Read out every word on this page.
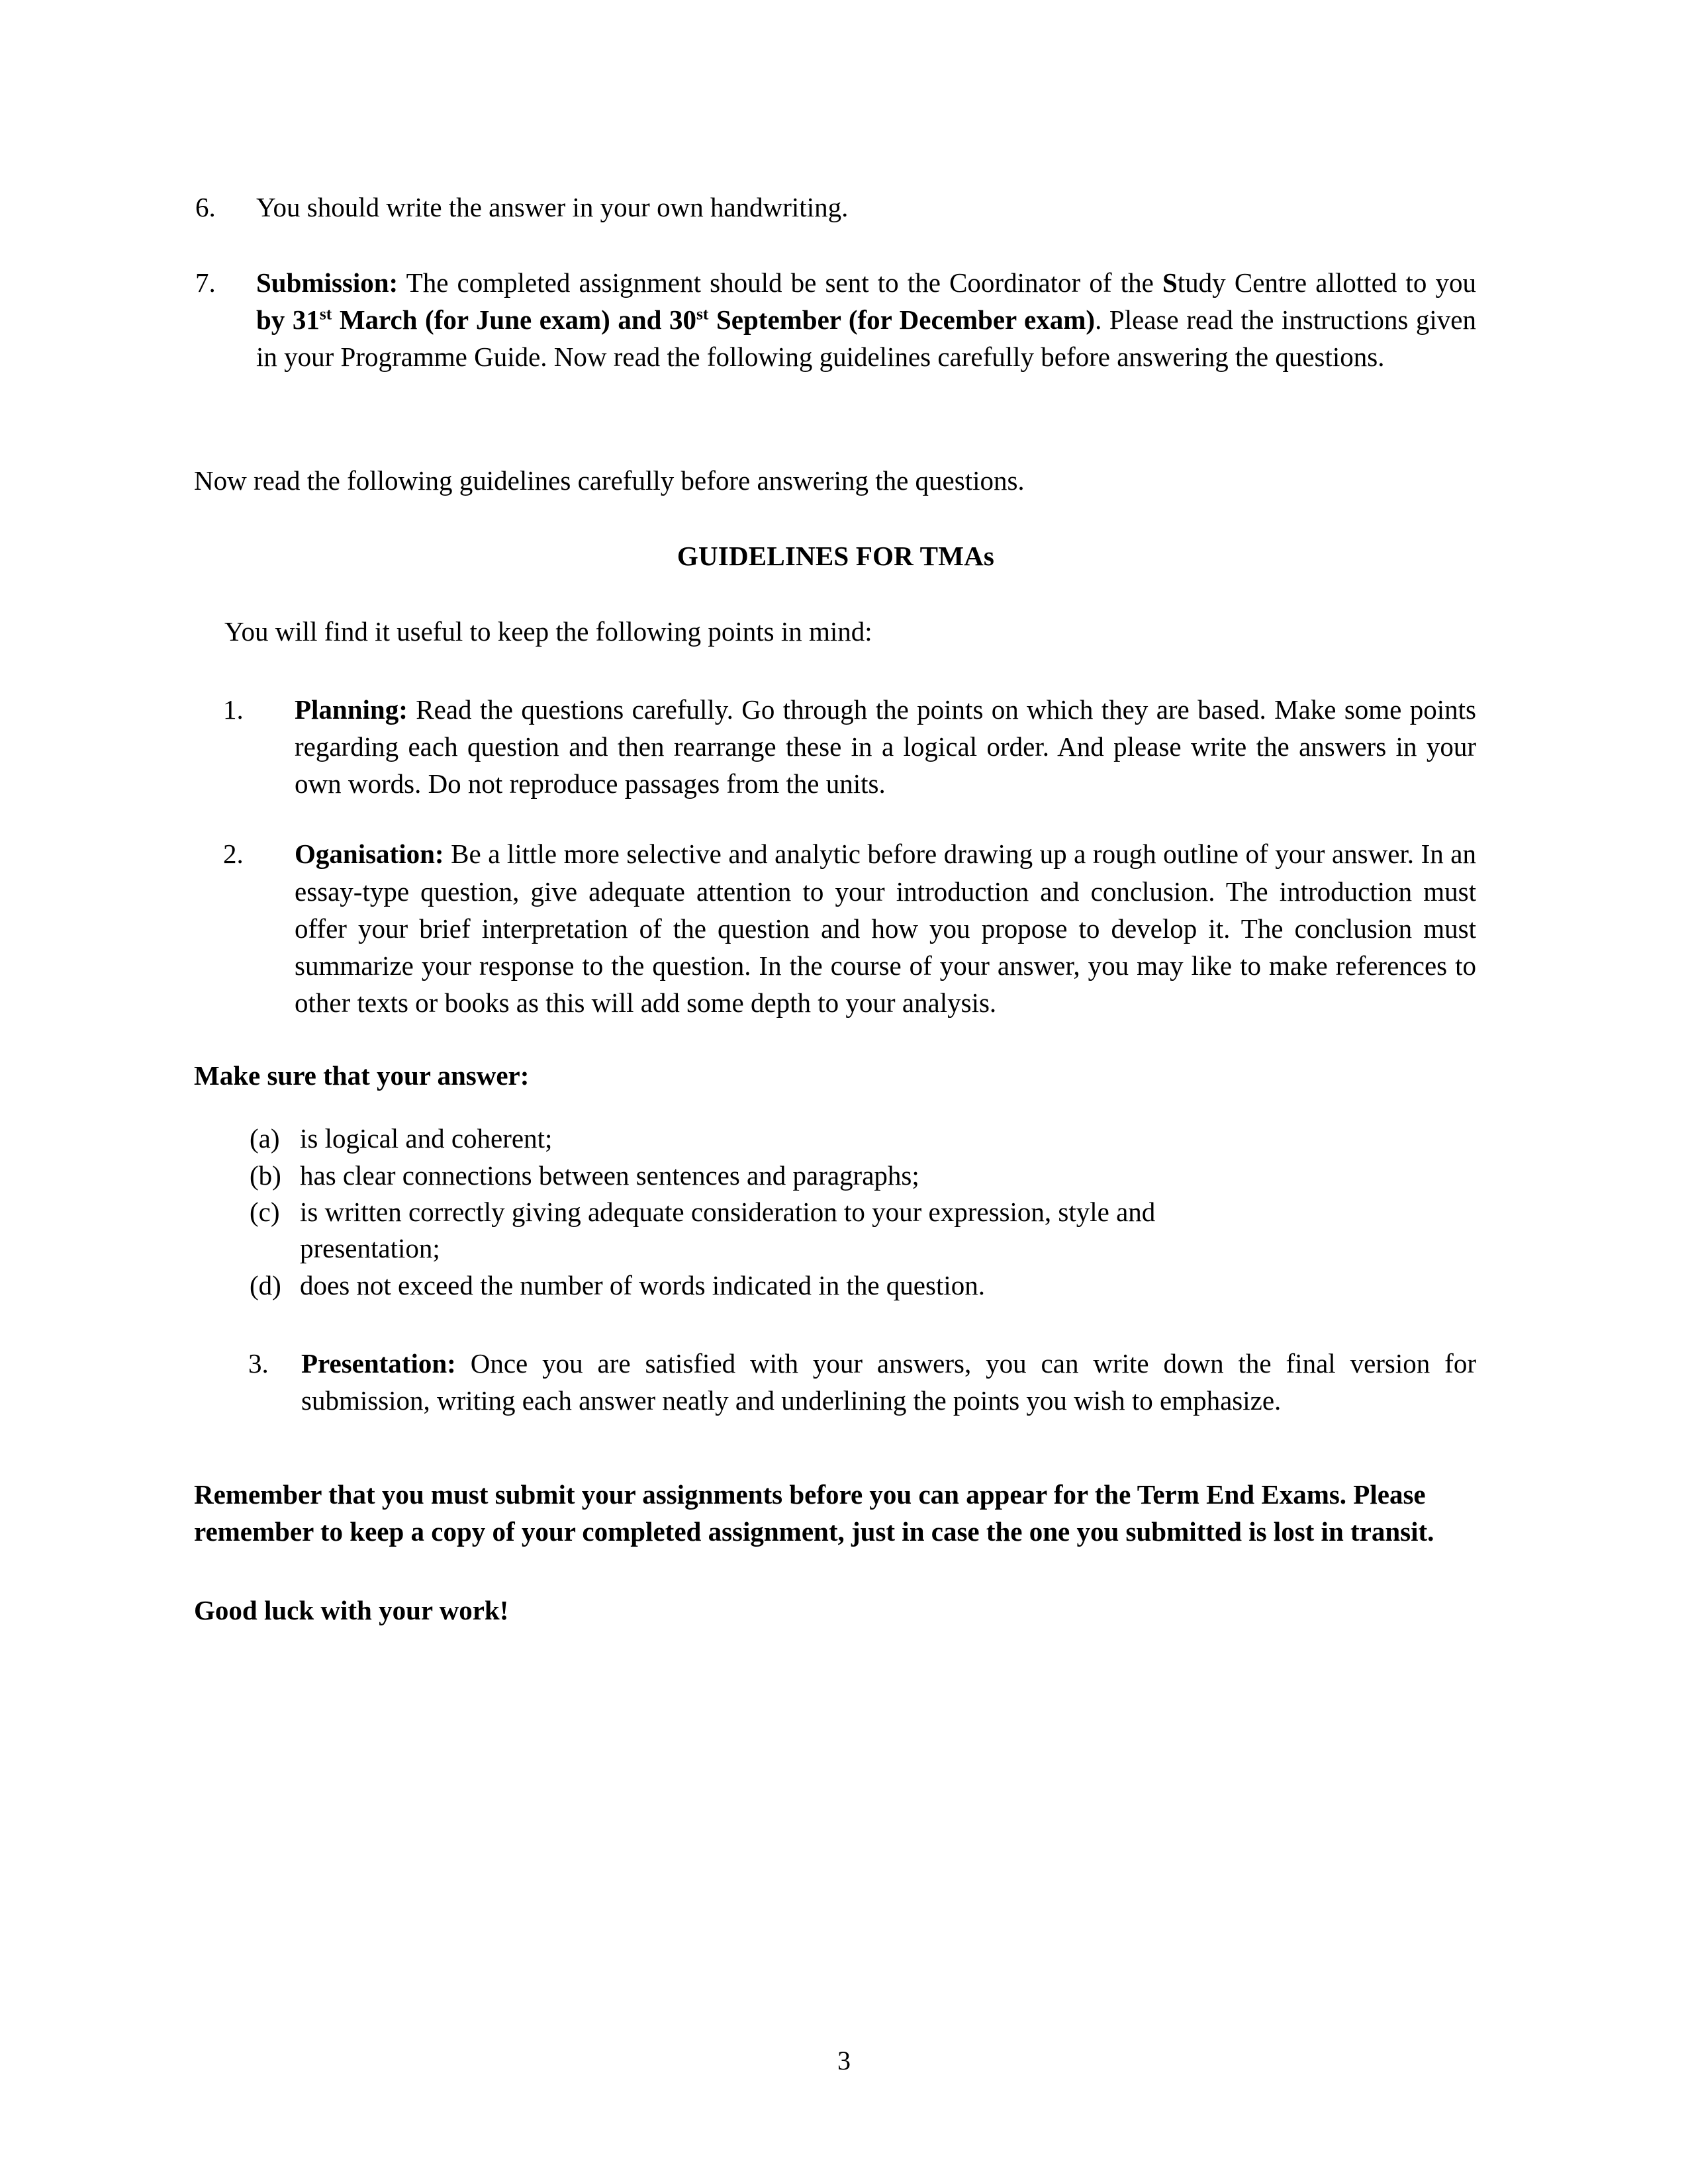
6. You should write the answer in your own handwriting.
7. Submission: The completed assignment should be sent to the Coordinator of the Study Centre allotted to you by 31st March (for June exam) and 30st September (for December exam). Please read the instructions given in your Programme Guide. Now read the following guidelines carefully before answering the questions.
Now read the following guidelines carefully before answering the questions.
GUIDELINES FOR TMAs
You will find it useful to keep the following points in mind:
1. Planning: Read the questions carefully. Go through the points on which they are based. Make some points regarding each question and then rearrange these in a logical order. And please write the answers in your own words. Do not reproduce passages from the units.
2. Oganisation: Be a little more selective and analytic before drawing up a rough outline of your answer. In an essay-type question, give adequate attention to your introduction and conclusion. The introduction must offer your brief interpretation of the question and how you propose to develop it. The conclusion must summarize your response to the question. In the course of your answer, you may like to make references to other texts or books as this will add some depth to your analysis.
Make sure that your answer:
(a) is logical and coherent;
(b) has clear connections between sentences and paragraphs;
(c) is written correctly giving adequate consideration to your expression, style and presentation;
(d) does not exceed the number of words indicated in the question.
3. Presentation: Once you are satisfied with your answers, you can write down the final version for submission, writing each answer neatly and underlining the points you wish to emphasize.
Remember that you must submit your assignments before you can appear for the Term End Exams. Please remember to keep a copy of your completed assignment, just in case the one you submitted is lost in transit.
Good luck with your work!
3
